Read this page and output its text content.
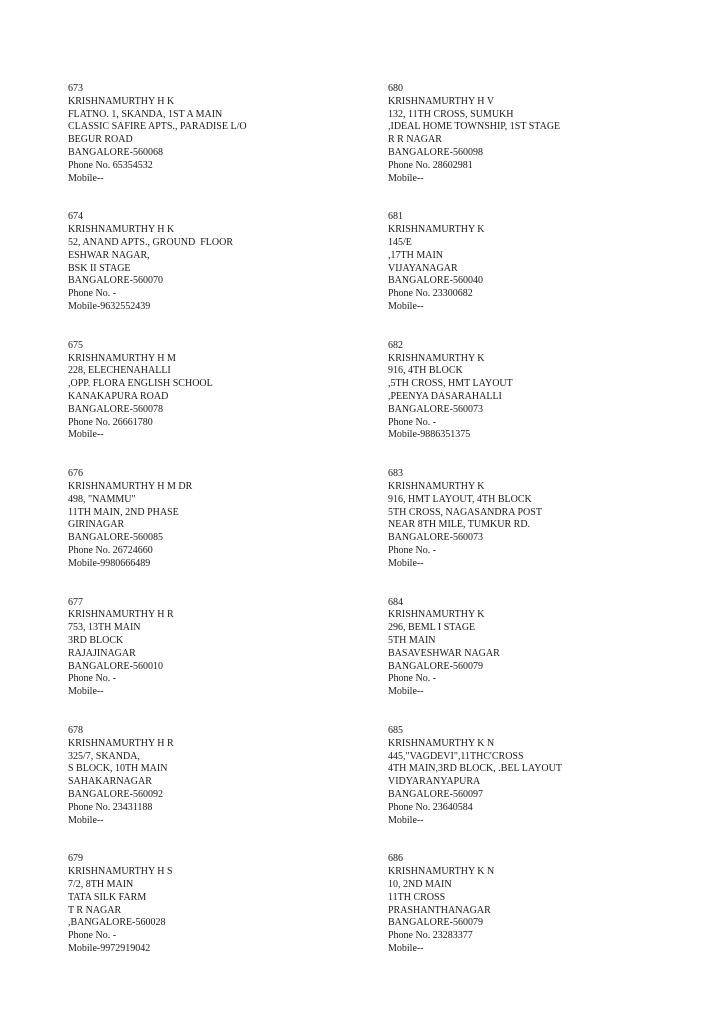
673
KRISHNAMURTHY H K
FLATNO. 1, SKANDA, 1ST A MAIN
CLASSIC SAFIRE APTS., PARADISE L/O
BEGUR ROAD
BANGALORE-560068
Phone No. 65354532
Mobile--
674
KRISHNAMURTHY H K
52, ANAND APTS., GROUND  FLOOR
ESHWAR NAGAR,
BSK II STAGE
BANGALORE-560070
Phone No. -
Mobile-9632552439
675
KRISHNAMURTHY H M
228, ELECHENAHALLI
,OPP. FLORA ENGLISH SCHOOL
KANAKAPURA ROAD
BANGALORE-560078
Phone No. 26661780
Mobile--
676
KRISHNAMURTHY H M DR
498, "NAMMU"
11TH MAIN, 2ND PHASE
GIRINAGAR
BANGALORE-560085
Phone No. 26724660
Mobile-9980666489
677
KRISHNAMURTHY H R
753, 13TH MAIN
3RD BLOCK
RAJAJINAGAR
BANGALORE-560010
Phone No. -
Mobile--
678
KRISHNAMURTHY H R
325/7, SKANDA,
S BLOCK, 10TH MAIN
SAHAKARNAGAR
BANGALORE-560092
Phone No. 23431188
Mobile--
679
KRISHNAMURTHY H S
7/2, 8TH MAIN
TATA SILK FARM
T R NAGAR
,BANGALORE-560028
Phone No. -
Mobile-9972919042
680
KRISHNAMURTHY H V
132, 11TH CROSS, SUMUKH
,IDEAL HOME TOWNSHIP, 1ST STAGE
R R NAGAR
BANGALORE-560098
Phone No. 28602981
Mobile--
681
KRISHNAMURTHY K
145/E
,17TH MAIN
VIJAYANAGAR
BANGALORE-560040
Phone No. 23300682
Mobile--
682
KRISHNAMURTHY K
916, 4TH BLOCK
,5TH CROSS, HMT LAYOUT
,PEENYA DASARAHALLI
BANGALORE-560073
Phone No. -
Mobile-9886351375
683
KRISHNAMURTHY K
916, HMT LAYOUT, 4TH BLOCK
5TH CROSS, NAGASANDRA POST
NEAR 8TH MILE, TUMKUR RD.
BANGALORE-560073
Phone No. -
Mobile--
684
KRISHNAMURTHY K
296, BEML I STAGE
5TH MAIN
BASAVESHWAR NAGAR
BANGALORE-560079
Phone No. -
Mobile--
685
KRISHNAMURTHY K N
445,"VAGDEVI",11THC'CROSS
4TH MAIN,3RD BLOCK, .BEL LAYOUT
VIDYARANYAPURA
BANGALORE-560097
Phone No. 23640584
Mobile--
686
KRISHNAMURTHY K N
10, 2ND MAIN
11TH CROSS
PRASHANTHANAGAR
BANGALORE-560079
Phone No. 23283377
Mobile--
